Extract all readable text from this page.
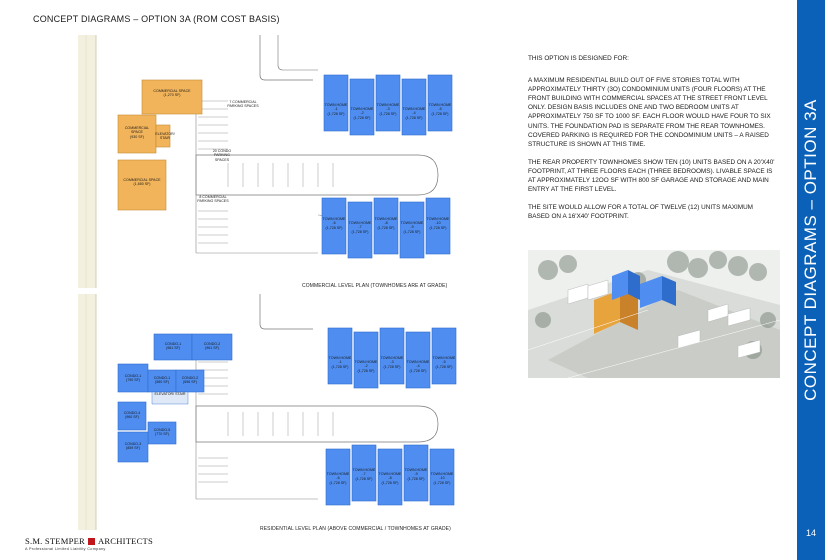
CONCEPT DIAGRAMS – OPTION 3A (ROM COST BASIS)
COMMERCIAL SPACE
(1,270 SF)
COMMERCIAL SPACE
(930 SF)
COMMERCIAL SPACE
(1,650 SF)
ELEVATOR/ STAIR
7 COMMERCIAL PARKING SPACES
20 CONDO PARKING SPACES
8 COMMERCIAL PARKING SPACES
TOWN HOME -1
(1,728 SF)
TOWN HOME -2
(1,728 SF)
TOWN HOME -3
(1,728 SF)
TOWN HOME -4
(1,728 SF)
TOWN HOME -5
(1,728 SF)
TOWN HOME -6
(1,728 SF)
TOWN HOME -7
(1,728 SF)
TOWN HOME -8
(1,728 SF)
TOWN HOME -9
(1,728 SF)
TOWN HOME -10
(1,728 SF)
COMMERCIAL LEVEL PLAN (TOWNHOMES ARE AT GRADE)
CONDO-1
(961 SF)
CONDO-2
(961 SF)
CONDO-1
(790 SF)
CONDO-1
(580 SF)
CONDO-2
(696 SF)
CONDO-4
(960 SF)
CONDO-5
(770 SF)
CONDO-3
(859 SF)
ELEVATOR/ STAIR
TOWN HOME -1
(1,728 SF)
TOWN HOME -2
(1,728 SF)
TOWN HOME -3
(1,728 SF)
TOWN HOME -4
(1,728 SF)
TOWN HOME -5
(1,728 SF)
TOWN HOME -6
(1,728 SF)
TOWN HOME -7
(1,728 SF)
TOWN HOME -8
(1,728 SF)
TOWN HOME -9
(1,728 SF)
TOWN HOME -10
(1,728 SF)
RESIDENTIAL LEVEL PLAN (ABOVE COMMERCIAL / TOWNHOMES AT GRADE)

THIS OPTION IS DESIGNED FOR:

A MAXIMUM RESIDENTIAL BUILD OUT OF FIVE STORIES TOTAL WITH APPROXIMATELY THIRTY (3O) CONDOMINIUM UNITS (FOUR FLOORS) AT THE FRONT BUILDING WITH COMMERCIAL SPACES AT THE STREET FRONT LEVEL ONLY. DESIGN BASIS INCLUDES ONE AND TWO BEDROOM UNITS AT APPROXIMATELY 750 SF TO 1000 SF. EACH FLOOR WOULD HAVE FOUR TO SIX UNITS. THE FOUNDATION PAD IS SEPARATE FROM THE REAR TOWNHOMES. COVERED PARKING IS REQUIRED FOR THE CONDOMINIUM UNITS – A RAISED STRUCTURE IS SHOWN AT THIS TIME.

THE REAR PROPERTY TOWNHOMES SHOW TEN (10) UNITS BASED ON A 20'X40' FOOTPRINT, AT THREE FLOORS EACH (THREE BEDROOMS). LIVABLE SPACE IS AT APPROXIMATELY 12OO SF WITH 800 SF GARAGE AND STORAGE AND MAIN ENTRY AT THE FIRST LEVEL.

THE SITE WOULD ALLOW FOR A TOTAL OF TWELVE (12) UNITS MAXIMUM BASED ON A 16'X40' FOOTPRINT.	CONCEPT DIAGRAMS – OPTION 3A
14
S.M. STEMPER ARCHITECTS
A Professional Limited Liability Company
